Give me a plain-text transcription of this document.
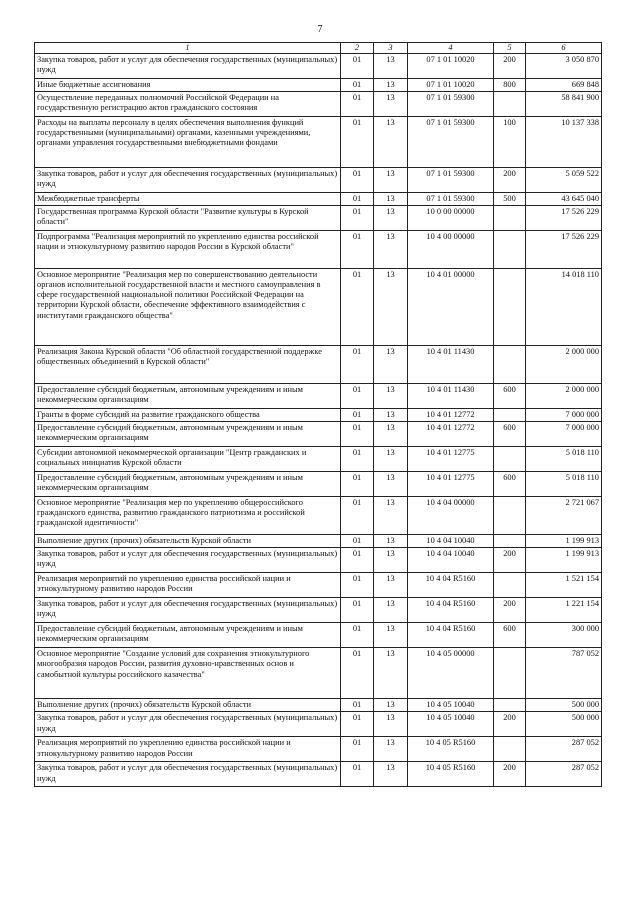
7
1	2	3	4	5	6
Закупка товаров, работ и услуг для обеспечения государственных (муниципальных) нужд	01	13	07 1 01 10020	200	3 050 870
Иные бюджетные ассигнования	01	13	07 1 01 10020	800	669 848
Осуществление переданных полномочий Российской Федерации на государственную регистрацию актов гражданского состояния	01	13	07 1 01 59300		58 841 900
Расходы на выплаты персоналу в целях обеспечения выполнения функций государственными (муниципальными) органами, казенными учреждениями, органами управления государственными внебюджетными фондами	01	13	07 1 01 59300	100	10 137 338
Закупка товаров, работ и услуг для обеспечения государственных (муниципальных) нужд	01	13	07 1 01 59300	200	5 059 522
Межбюджетные трансферты	01	13	07 1 01 59300	500	43 645 040
Государственная программа Курской области "Развитие культуры в Курской области"	01	13	10 0 00 00000		17 526 229
Подпрограмма "Реализация мероприятий по укреплению единства российской нации и этнокультурному развитию народов России в Курской области"	01	13	10 4 00 00000		17 526 229
Основное мероприятие "Реализация мер по совершенствованию деятельности органов исполнительной государственной власти и местного самоуправления в сфере государственной национальной политики Российской Федерации на территории Курской области, обеспечение эффективного взаимодействия с институтами гражданского общества"	01	13	10 4 01 00000		14 018 110
Реализация Закона Курской области "Об областной государственной поддержке общественных объединений в Курской области"	01	13	10 4 01 11430		2 000 000
Предоставление субсидий бюджетным, автономным учреждениям и иным некоммерческим организациям	01	13	10 4 01 11430	600	2 000 000
Гранты в форме субсидий на развитие гражданского общества	01	13	10 4 01 12772		7 000 000
Предоставление субсидий бюджетным, автономным учреждениям и иным некоммерческим организациям	01	13	10 4 01 12772	600	7 000 000
Субсидии автономной некоммерческой организации "Центр гражданских и социальных инициатив Курской области	01	13	10 4 01 12775		5 018 110
Предоставление субсидий бюджетным, автономным учреждениям и иным некоммерческим организациям	01	13	10 4 01 12775	600	5 018 110
Основное мероприятие "Реализация мер по укреплению общероссийского гражданского единства, развитию гражданского патриотизма и российской гражданской идентичности"	01	13	10 4 04 00000		2 721 067
Выполнение других (прочих) обязательств Курской области	01	13	10 4 04 10040		1 199 913
Закупка товаров, работ и услуг для обеспечения государственных (муниципальных) нужд	01	13	10 4 04 10040	200	1 199 913
Реализация мероприятий по укреплению единства российской нации и этнокультурному развитию народов России	01	13	10 4 04 R5160		1 521 154
Закупка товаров, работ и услуг для обеспечения государственных (муниципальных) нужд	01	13	10 4 04 R5160	200	1 221 154
Предоставление субсидий бюджетным, автономным учреждениям и иным некоммерческим организациям	01	13	10 4 04 R5160	600	300 000
Основное мероприятие "Создание условий для сохранения этнокультурного многообразия народов России, развития духовно-нравственных основ и самобытной культуры российского казачества"	01	13	10 4 05 00000		787 052
Выполнение других (прочих) обязательств Курской области	01	13	10 4 05 10040		500 000
Закупка товаров, работ и услуг для обеспечения государственных (муниципальных) нужд	01	13	10 4 05 10040	200	500 000
Реализация мероприятий по укреплению единства российской нации и этнокультурному развитию народов России	01	13	10 4 05 R5160		287 052
Закупка товаров, работ и услуг для обеспечения государственных (муниципальных) нужд	01	13	10 4 05 R5160	200	287 052
